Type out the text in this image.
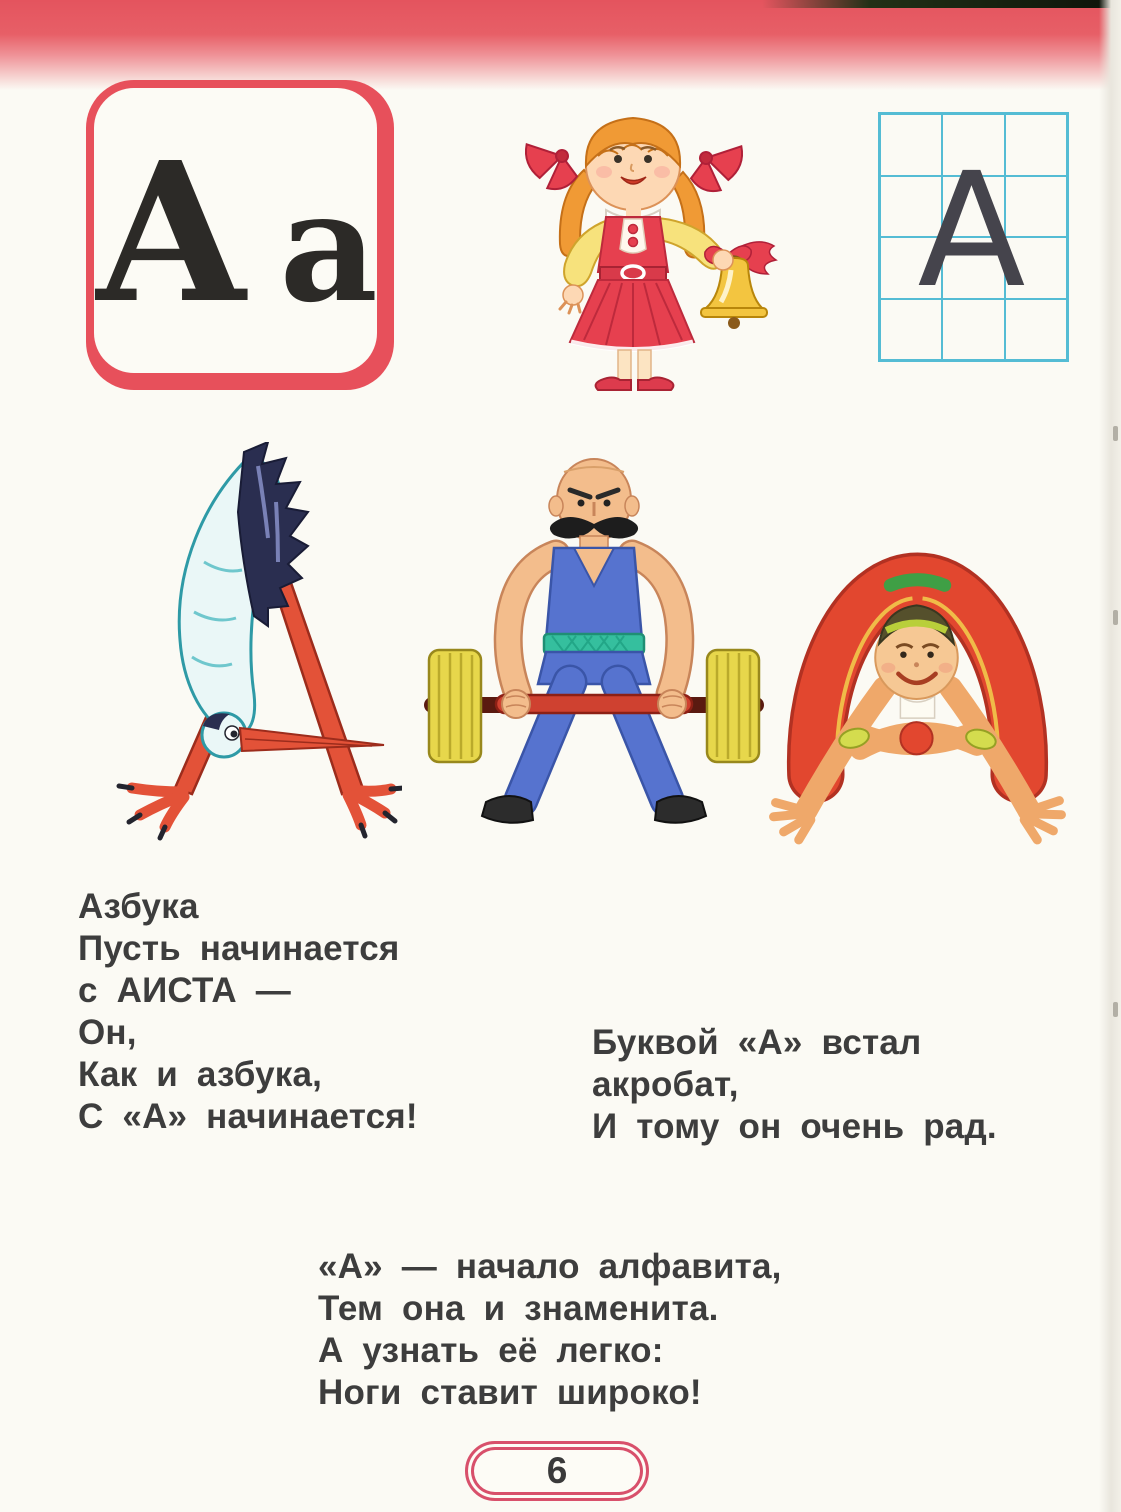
А а	А
Азбука
Пусть начинается
с АИСТА —
Он,
Как и азбука,
С «А» начинается!
Буквой «А» встал
акробат,
И тому он очень рад.
«А» — начало алфавита,
Тем она и знаменита.
А узнать её легко:
Ноги ставит широко!
6
